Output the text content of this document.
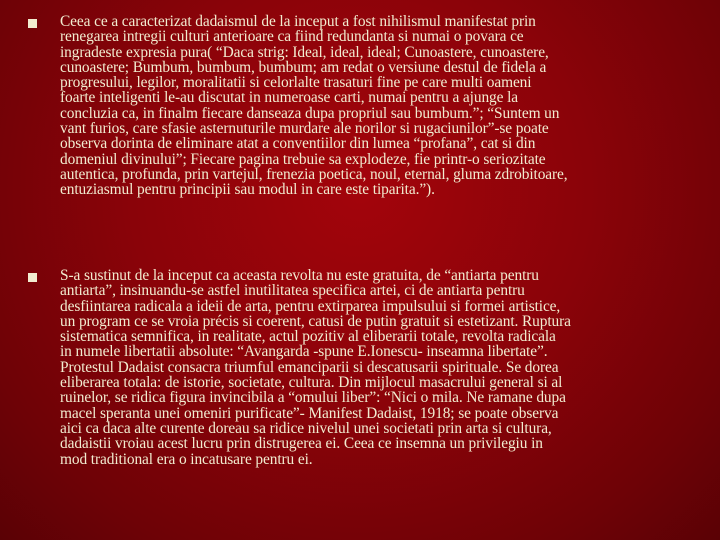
Ceea ce a caracterizat dadaismul de la inceput a fost nihilismul manifestat prin
renegarea intregii culturi anterioare ca fiind redundanta si numai o povara ce
ingradeste expresia pura( “Daca strig: Ideal, ideal, ideal; Cunoastere, cunoastere,
cunoastere; Bumbum, bumbum, bumbum; am redat o versiune destul de fidela a
progresului, legilor, moralitatii si celorlalte trasaturi fine pe care multi oameni
foarte inteligenti le-au discutat in numeroase carti, numai pentru a ajunge la
concluzia ca, in finalm fiecare danseaza dupa propriul sau bumbum.”; “Suntem un
vant furios, care sfasie asternuturile murdare ale norilor si rugaciunilor”-se poate
observa dorinta de eliminare atat a conventiilor din lumea “profana”, cat si din
domeniul divinului”; Fiecare pagina trebuie sa explodeze, fie printr-o seriozitate
autentica, profunda, prin vartejul, frenezia poetica, noul, eternal, gluma zdrobitoare,
entuziasmul pentru principii sau modul in care este tiparita.”).

S-a sustinut de la inceput ca aceasta revolta nu este gratuita, de “antiarta pentru
antiarta”, insinuandu-se astfel inutilitatea specifica artei, ci de antiarta pentru
desfiintarea radicala a ideii de arta, pentru extirparea impulsului si formei artistice,
un program ce se vroia précis si coerent, catusi de putin gratuit si estetizant. Ruptura
sistematica semnifica, in realitate, actul pozitiv al eliberarii totale, revolta radicala
in numele libertatii absolute: “Avangarda -spune E.Ionescu- inseamna libertate”.
Protestul Dadaist consacra triumful emanciparii si descatusarii spirituale. Se dorea
eliberarea totala: de istorie, societate, cultura. Din mijlocul masacrului general si al
ruinelor, se ridica figura invincibila a “omului liber”: “Nici o mila. Ne ramane dupa
macel speranta unei omeniri purificate”- Manifest Dadaist, 1918; se poate observa
aici ca daca alte curente doreau sa ridice nivelul unei societati prin arta si cultura,
dadaistii vroiau acest lucru prin distrugerea ei. Ceea ce insemna un privilegiu in
mod traditional era o incatusare pentru ei.
